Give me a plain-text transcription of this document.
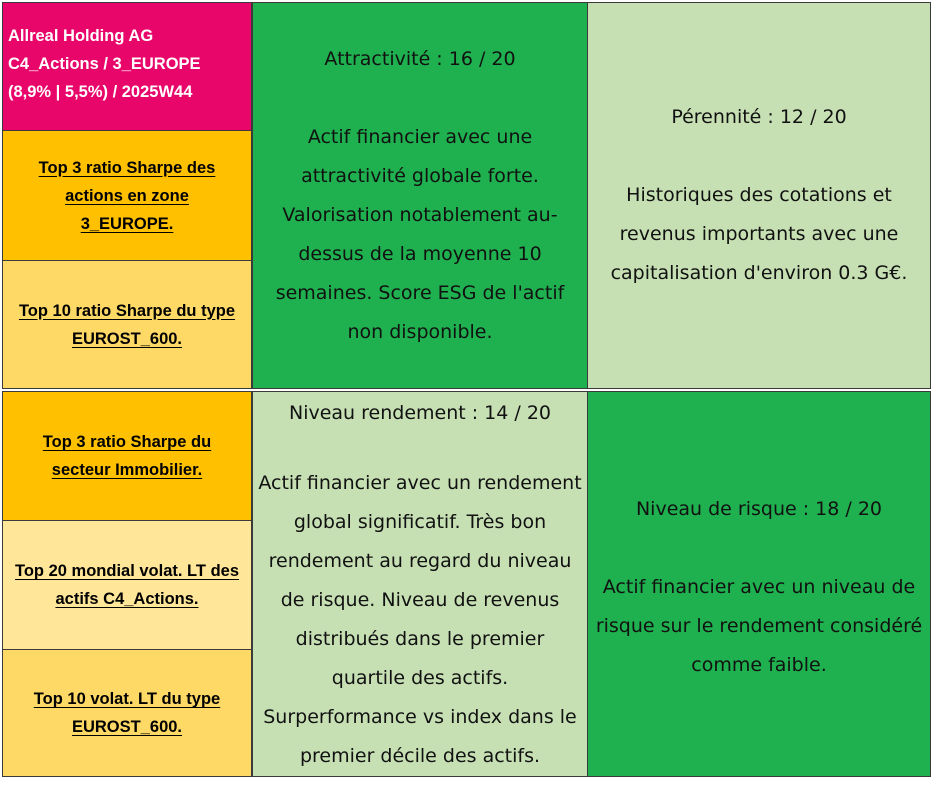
Allreal Holding AG
C4_Actions / 3_EUROPE
(8,9% | 5,5%) / 2025W44
Top 3 ratio Sharpe des actions en zone 3_EUROPE.
Top 10 ratio Sharpe du type EUROST_600.
Top 3 ratio Sharpe du secteur Immobilier.
Top 20 mondial volat. LT des actifs C4_Actions.
Top 10 volat. LT du type EUROST_600.
Attractivité : 16 / 20
Actif financier avec une attractivité globale forte. Valorisation notablement au-dessus de la moyenne 10 semaines. Score ESG de l'actif non disponible.
Pérennité : 12 / 20
Historiques des cotations et revenus importants avec une capitalisation d'environ 0.3 G€.
Niveau rendement : 14 / 20
Actif financier avec un rendement global significatif. Très bon rendement au regard du niveau de risque. Niveau de revenus distribués dans le premier quartile des actifs. Surperformance vs index dans le premier décile des actifs.
Niveau de risque : 18 / 20
Actif financier avec un niveau de risque sur le rendement considéré comme faible.
